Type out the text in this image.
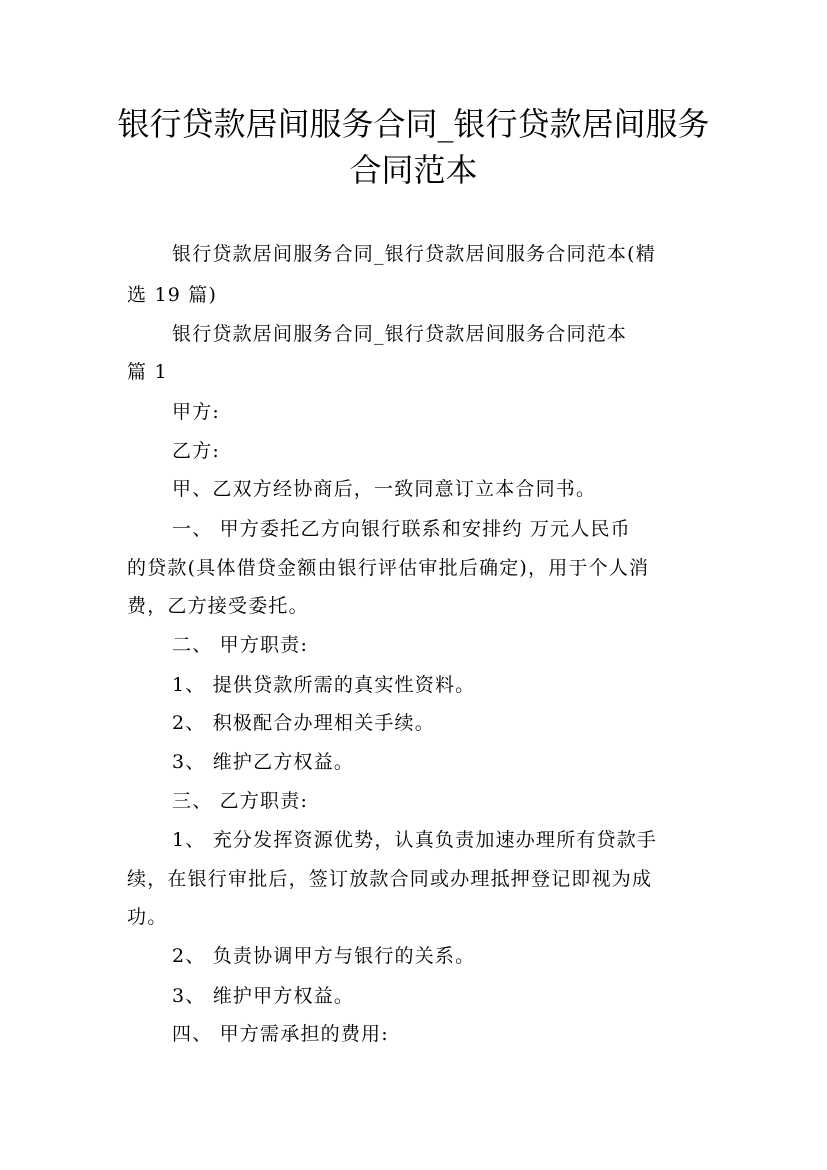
银行贷款居间服务合同_银行贷款居间服务
合同范本
银行贷款居间服务合同_银行贷款居间服务合同范本(精
选 19 篇)
银行贷款居间服务合同_银行贷款居间服务合同范本
篇 1
甲方:
乙方:
甲、乙双方经协商后，一致同意订立本合同书。
一、 甲方委托乙方向银行联系和安排约 万元人民币
的贷款(具体借贷金额由银行评估审批后确定)，用于个人消
费，乙方接受委托。
二、 甲方职责:
1、 提供贷款所需的真实性资料。
2、 积极配合办理相关手续。
3、 维护乙方权益。
三、 乙方职责:
1、 充分发挥资源优势，认真负责加速办理所有贷款手
续，在银行审批后，签订放款合同或办理抵押登记即视为成
功。
2、 负责协调甲方与银行的关系。
3、 维护甲方权益。
四、 甲方需承担的费用:
